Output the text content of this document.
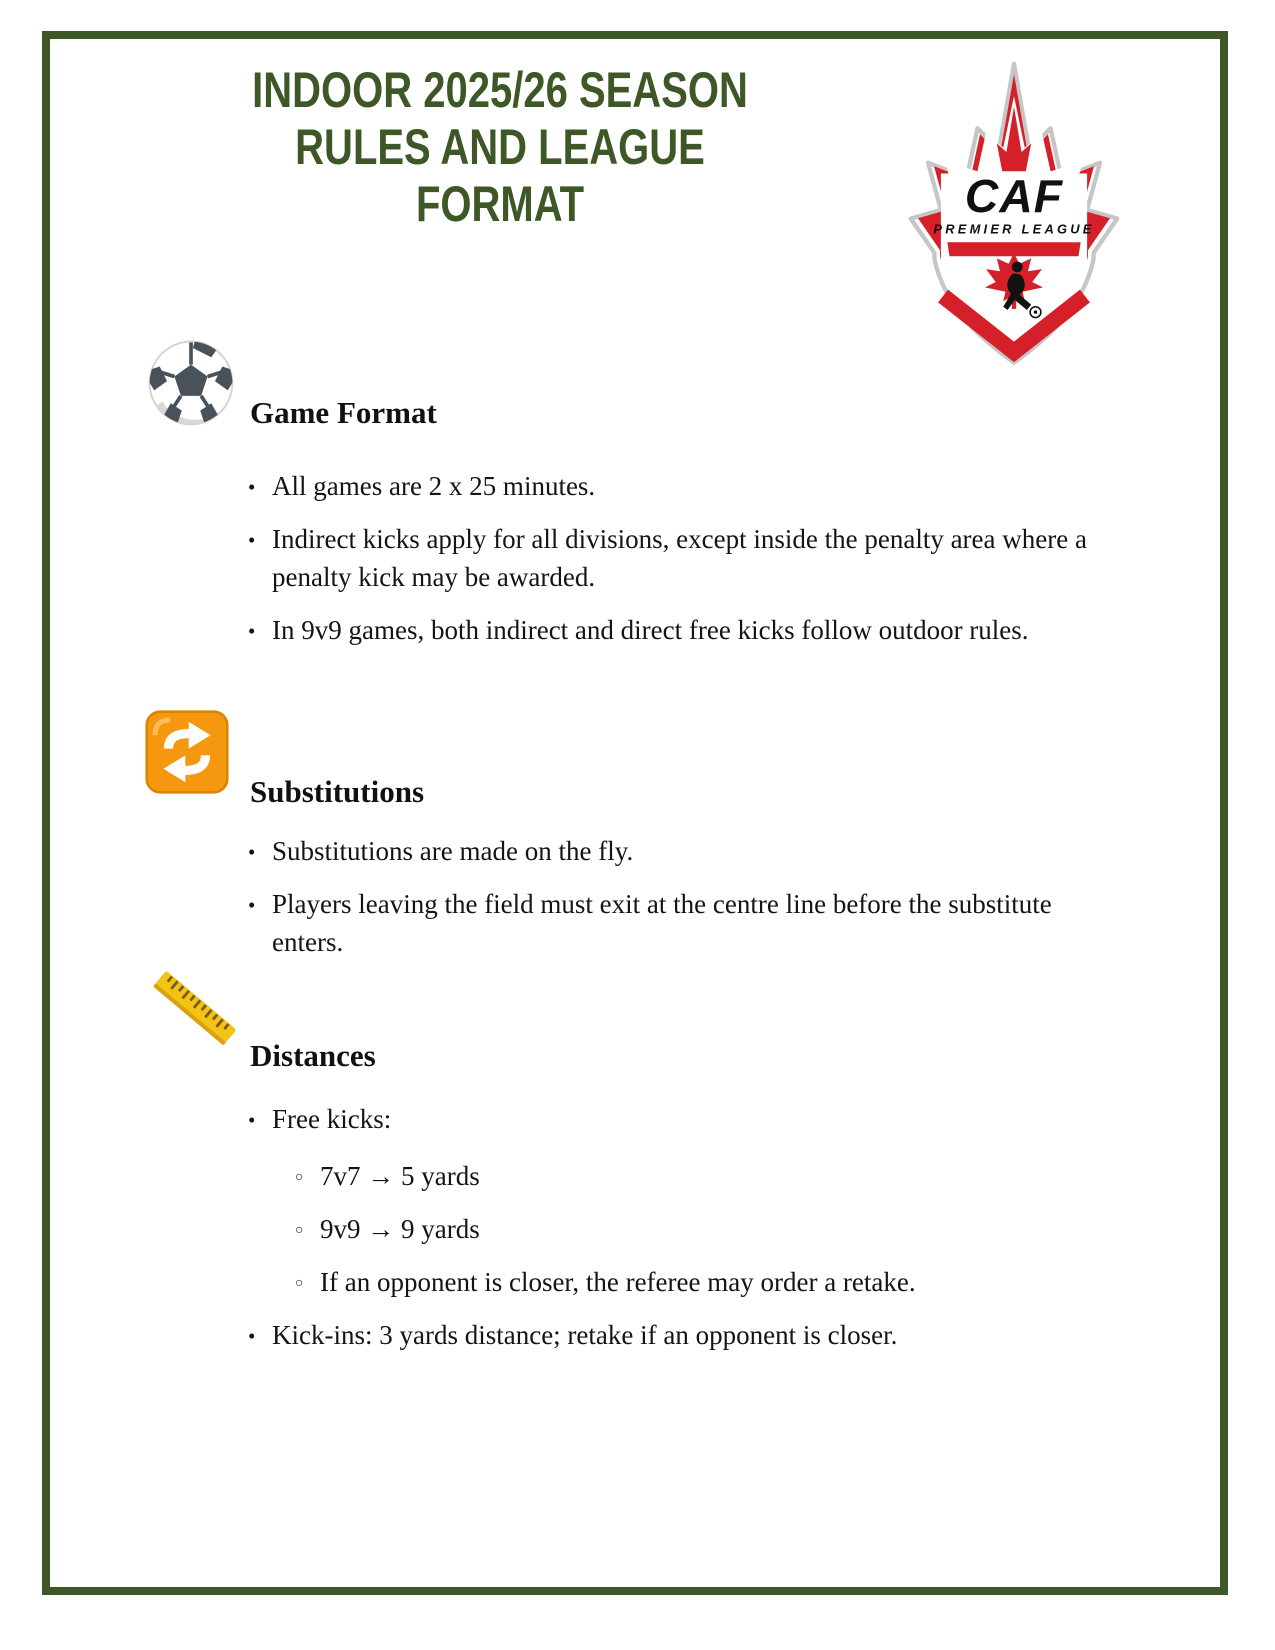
CAF
PREMIER LEAGUE
INDOOR 2025/26 SEASON
RULES AND LEAGUE FORMAT
Game Format
• All games are 2 x 25 minutes.
• Indirect kicks apply for all divisions, except inside the penalty area where a penalty kick may be awarded.
• In 9v9 games, both indirect and direct free kicks follow outdoor rules.
Substitutions
• Substitutions are made on the fly.
• Players leaving the field must exit at the centre line before the substitute enters.
Distances
• Free kicks:
○ 7v7 → 5 yards
○ 9v9 → 9 yards
○ If an opponent is closer, the referee may order a retake.
• Kick-ins: 3 yards distance; retake if an opponent is closer.
